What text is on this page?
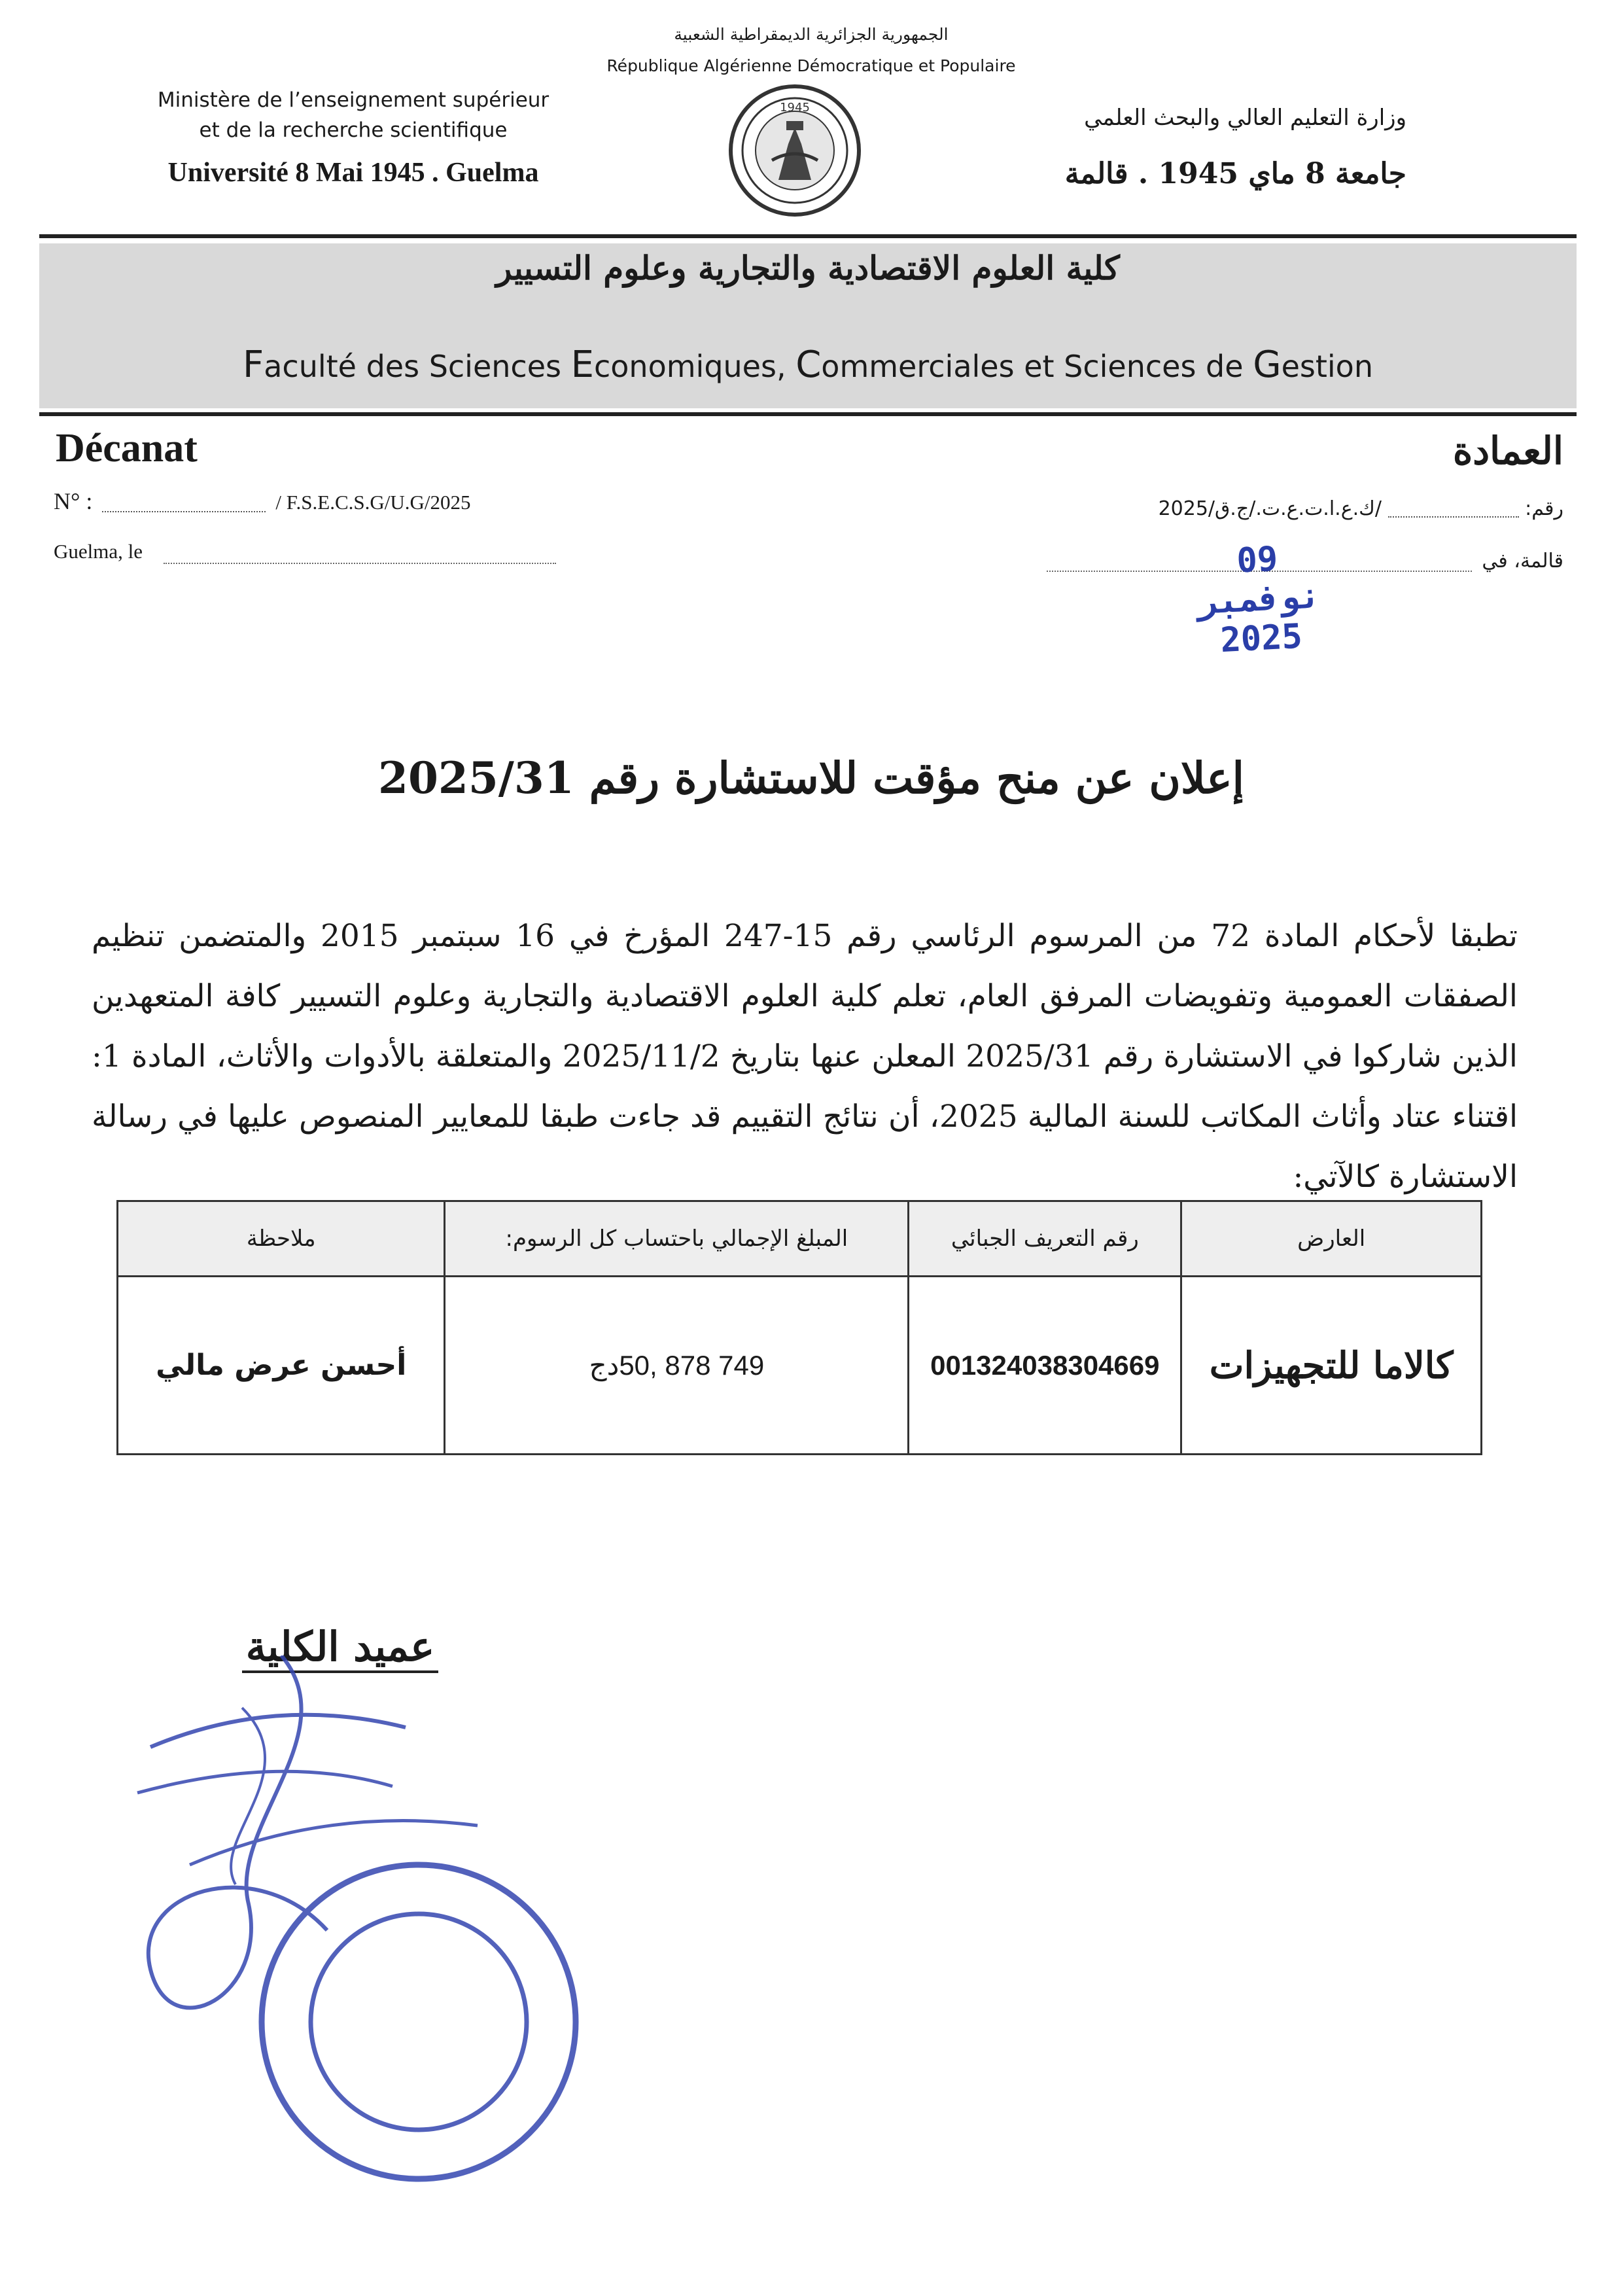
الجمهورية الجزائرية الديمقراطية الشعبية
République Algérienne Démocratique et Populaire
Ministère de l’enseignement supérieur
et de la recherche scientifique
Université 8 Mai 1945 . Guelma
وزارة التعليم العالي والبحث العلمي
جامعة 8 ماي 1945 . قالمة
1945
كلية العلوم الاقتصادية والتجارية وعلوم التسيير
Faculté des Sciences Economiques, Commerciales et Sciences de Gestion
Décanat	العمادة
N° :	/ F.S.E.C.S.G/U.G/2025
Guelma, le
رقم:  /ك.ع.ا.ت.ع.ت./ج.ق/2025
قالمة، في
09 نوفمبر 2025
إعلان عن منح مؤقت للاستشارة رقم 2025/31
تطبقا لأحكام المادة 72 من المرسوم الرئاسي رقم 15-247 المؤرخ في 16 سبتمبر 2015 والمتضمن تنظيم الصفقات العمومية وتفويضات المرفق العام، تعلم كلية العلوم الاقتصادية والتجارية وعلوم التسيير كافة المتعهدين الذين شاركوا في الاستشارة رقم 2025/31 المعلن عنها بتاريخ 2025/11/2 والمتعلقة بالأدوات والأثاث، المادة 1: اقتناء عتاد وأثاث المكاتب للسنة المالية 2025، أن نتائج التقييم قد جاءت طبقا للمعايير المنصوص عليها في رسالة الاستشارة كالآتي:
العارض	رقم التعريف الجبائي	المبلغ الإجمالي باحتساب كل الرسوم:	ملاحظة
كالاما للتجهيزات	001324038304669	749 878 ,50دج	أحسن عرض مالي
عميد الكلية
